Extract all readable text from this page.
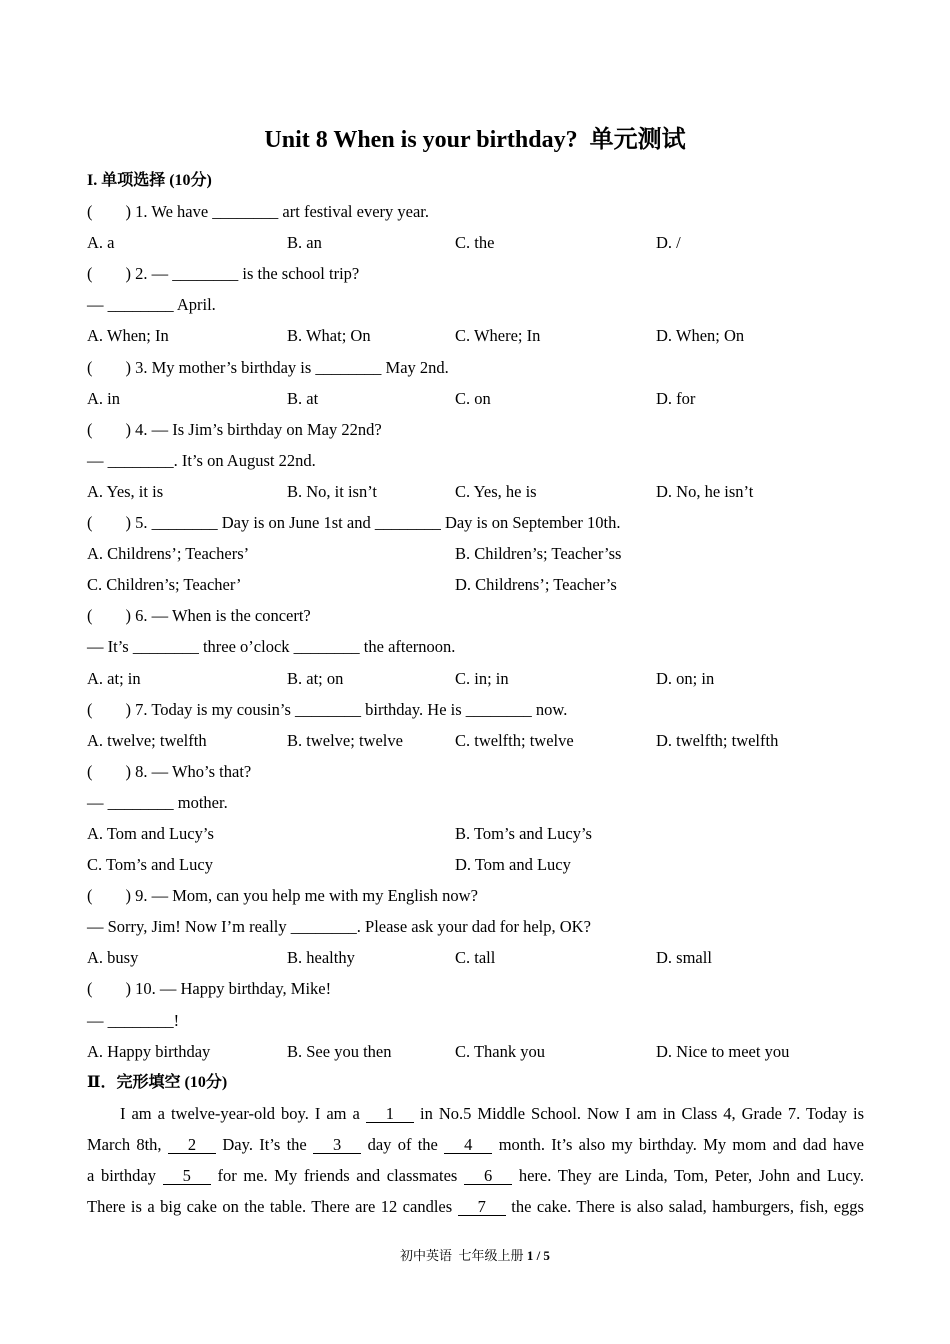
Unit 8 When is your birthday?  单元测试
I. 单项选择 (10分)
(        ) 1. We have ________ art festival every year.
A. a	B. an	C. the	D. /
(        ) 2. — ________ is the school trip?
— ________ April.
A. When; In	B. What; On	C. Where; In	D. When; On
(        ) 3. My mother’s birthday is ________ May 2nd.
A. in	B. at	C. on	D. for
(        ) 4. — Is Jim’s birthday on May 22nd?
— ________. It’s on August 22nd.
A. Yes, it is	B. No, it isn’t	C. Yes, he is	D. No, he isn’t
(        ) 5. ________ Day is on June 1st and ________ Day is on September 10th.
A. Childrens’; Teachers’	B. Children’s; Teacher’ss
C. Children’s; Teacher’	D. Childrens’; Teacher’s
(        ) 6. — When is the concert?
— It’s ________ three o’clock ________ the afternoon.
A. at; in	B. at; on	C. in; in	D. on; in
(        ) 7. Today is my cousin’s ________ birthday. He is ________ now.
A. twelve; twelfth	B. twelve; twelve	C. twelfth; twelve	D. twelfth; twelfth
(        ) 8. — Who’s that?
— ________ mother.
A. Tom and Lucy’s	B. Tom’s and Lucy’s
C. Tom’s and Lucy	D. Tom and Lucy
(        ) 9. — Mom, can you help me with my English now?
— Sorry, Jim! Now I’m really ________. Please ask your dad for help, OK?
A. busy	B. healthy	C. tall	D. small
(        ) 10. — Happy birthday, Mike!
— ________!
A. Happy birthday	B. See you then	C. Thank you	D. Nice to meet you
Ⅱ．完形填空 (10分)
I am a twelve-year-old boy. I am a 1 in No.5 Middle School. Now I am in Class 4, Grade 7. Today is
March 8th, 2 Day. It’s the 3 day of the 4 month. It’s also my birthday. My mom and dad have
a birthday 5 for me. My friends and classmates 6 here. They are Linda, Tom, Peter, John and Lucy.
There is a big cake on the table. There are 12 candles 7 the cake. There is also salad, hamburgers, fish, eggs
初中英语  七年级上册 1 / 5
